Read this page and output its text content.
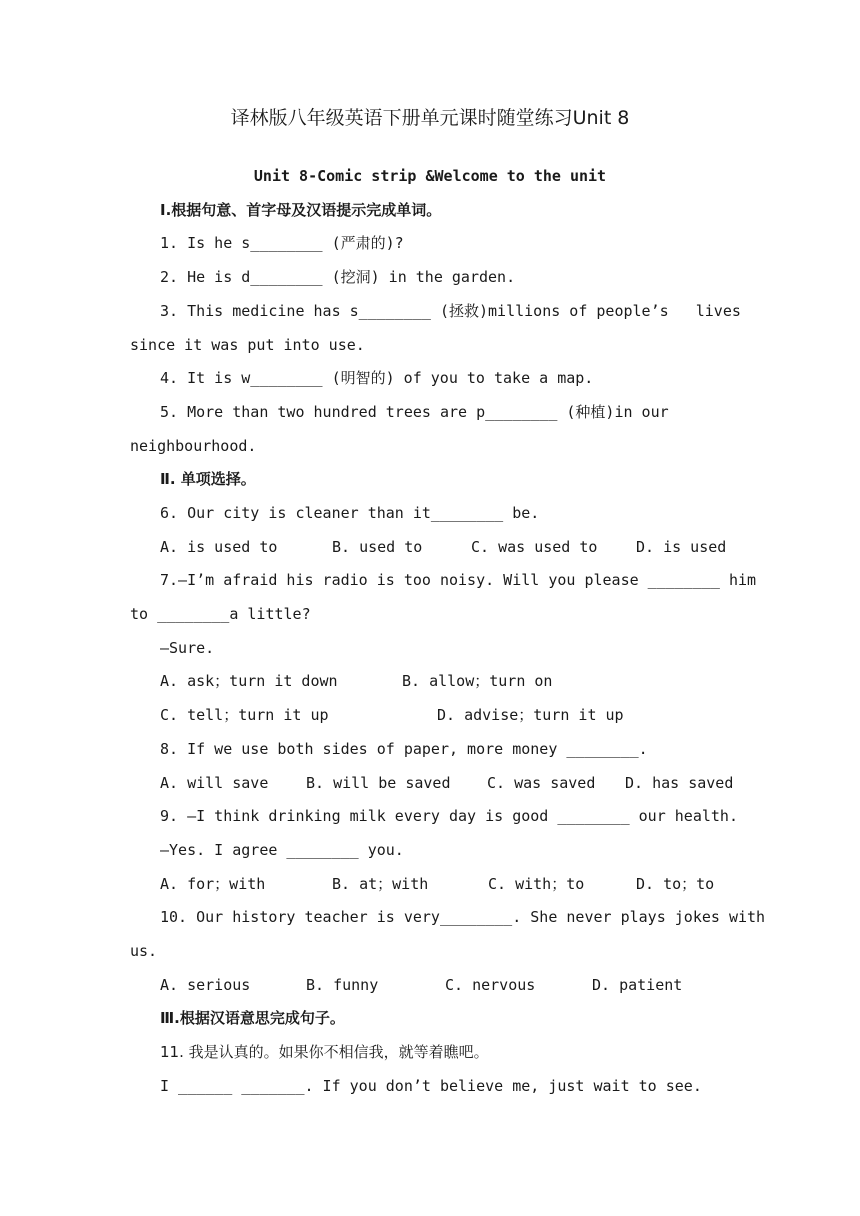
译林版八年级英语下册单元课时随堂练习Unit 8
Unit 8-Comic strip &Welcome to the unit
Ⅰ.根据句意、首字母及汉语提示完成单词。
1. Is he s________ (严肃的)?
2. He is d________ (挖洞) in the garden.
3. This medicine has s________ (拯救)millions of people’s   lives
since it was put into use.
4. It is w________ (明智的) of you to take a map.
5. More than two hundred trees are p________ (种植)in our
neighbourhood.
Ⅱ. 单项选择。
6. Our city is cleaner than it________ be.
A. is used to	B. used to	C. was used to	D. is used
7.—I’m afraid his radio is too noisy. Will you please ________ him
to ________a little?
—Sure.
A. ask；turn it down	B. allow；turn on
C. tell；turn it up	D. advise；turn it up
8. If we use both sides of paper, more money ________.
A. will save	B. will be saved C. was saved D. has saved
9. —I think drinking milk every day is good ________ our health.
—Yes. I agree ________ you.
A. for；with	B. at；with	C. with；to	D. to；to
10. Our history teacher is very________. She never plays jokes with
us.
A. serious	B. funny	C. nervous	D. patient
Ⅲ.根据汉语意思完成句子。
11. 我是认真的。如果你不相信我，就等着瞧吧。
I ______ _______. If you don’t believe me, just wait to see.
